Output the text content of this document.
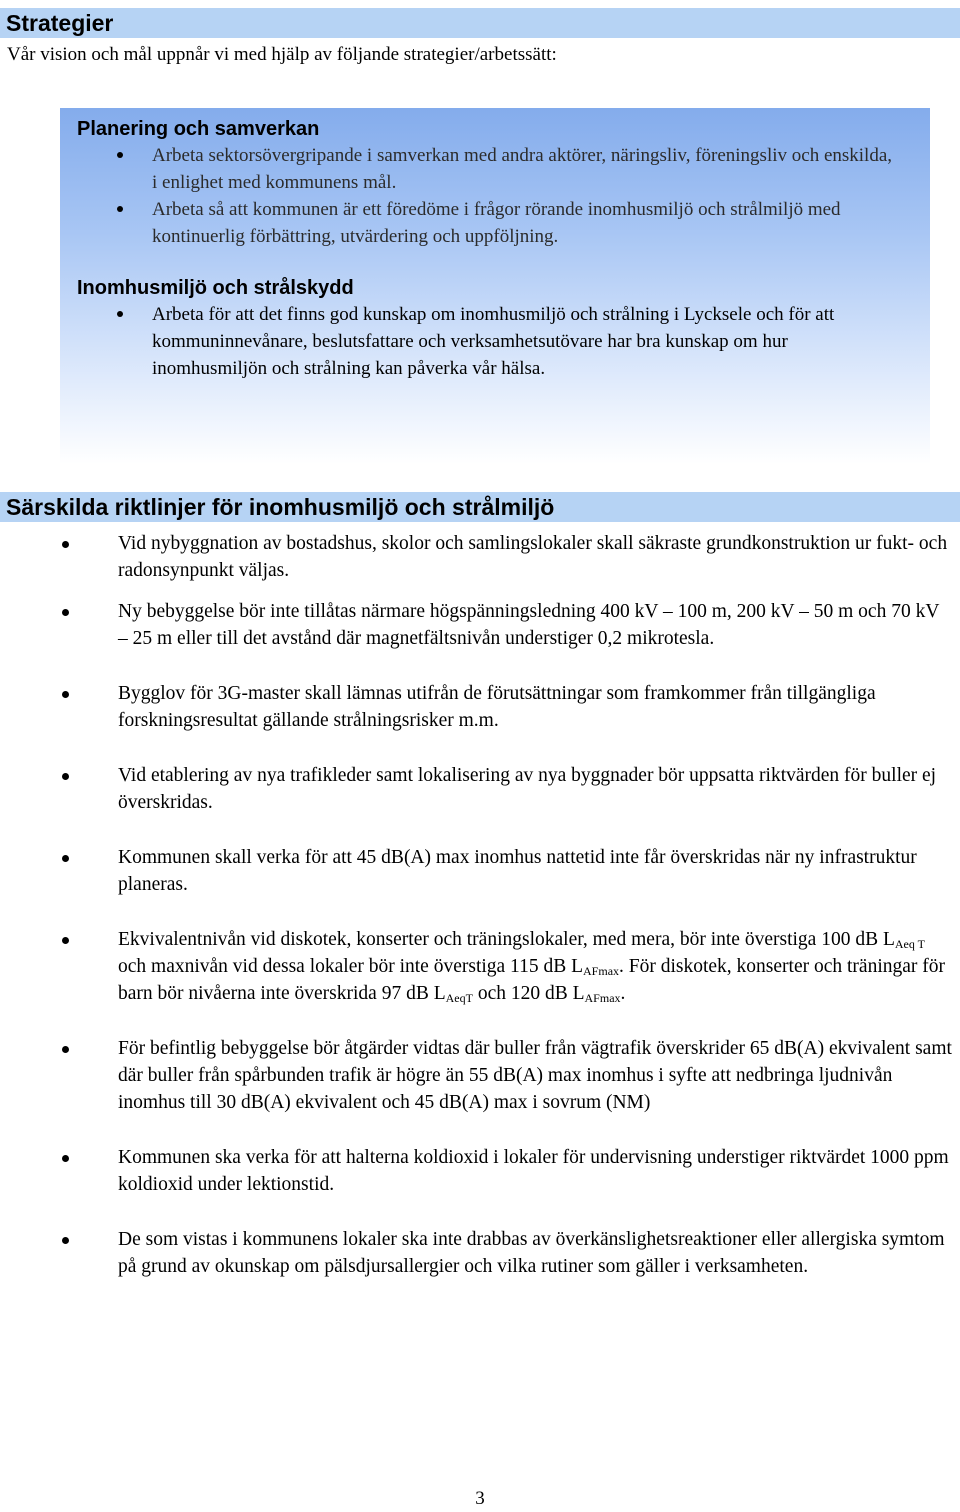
Strategier
Vår vision och mål uppnår vi med hjälp av följande strategier/arbetssätt:

Planering och samverkan

Arbeta sektorsövergripande i samverkan med andra aktörer, näringsliv, föreningsliv och enskilda, i enlighet med kommunens mål.
Arbeta så att kommunen är ett föredöme i frågor rörande inomhusmiljö och strålmiljö med kontinuerlig förbättring, utvärdering och uppföljning.

Inomhusmiljö och strålskydd

Arbeta för att det finns god kunskap om inomhusmiljö och strålning i Lycksele och för att kommuninnevånare, beslutsfattare och verksamhetsutövare har bra kunskap om hur inomhusmiljön och strålning kan påverka vår hälsa.
Särskilda riktlinjer för inomhusmiljö och strålmiljö
Vid nybyggnation av bostadshus, skolor och samlingslokaler skall säkraste grundkonstruktion ur fukt- och radonsynpunkt väljas.
Ny bebyggelse bör inte tillåtas närmare högspänningsledning 400 kV – 100 m, 200 kV – 50 m och 70 kV – 25 m eller till det avstånd där magnetfältsnivån understiger 0,2 mikrotesla.
Bygglov för 3G-master skall lämnas utifrån de förutsättningar som framkommer från tillgängliga forskningsresultat gällande strålningsrisker m.m.
Vid etablering av nya trafikleder samt lokalisering av nya byggnader bör uppsatta riktvärden för buller ej överskridas.
Kommunen skall verka för att 45 dB(A) max inomhus nattetid inte får överskridas när ny infrastruktur planeras.
Ekvivalentnivån vid diskotek, konserter och träningslokaler, med mera, bör inte överstiga 100 dB $L_{Aeq T}$ och maxnivån vid dessa lokaler bör inte överstiga 115 dB $L_{AFmax}$. För diskotek, konserter och träningar för barn bör nivåerna inte överskrida 97 dB $L_{AeqT}$ och 120 dB $L_{AFmax}$.
För befintlig bebyggelse bör åtgärder vidtas där buller från vägtrafik överskrider 65 dB(A) ekvivalent samt där buller från spårbunden trafik är högre än 55 dB(A) max inomhus i syfte att nedbringa ljudnivån inomhus till 30 dB(A) ekvivalent och 45 dB(A) max i sovrum (NM)
Kommunen ska verka för att halterna koldioxid i lokaler för undervisning understiger riktvärdet 1000 ppm koldioxid under lektionstid.
De som vistas i kommunens lokaler ska inte drabbas av överkänslighetsreaktioner eller allergiska symtom på grund av okunskap om pälsdjursallergier och vilka rutiner som gäller i verksamheten.
3
